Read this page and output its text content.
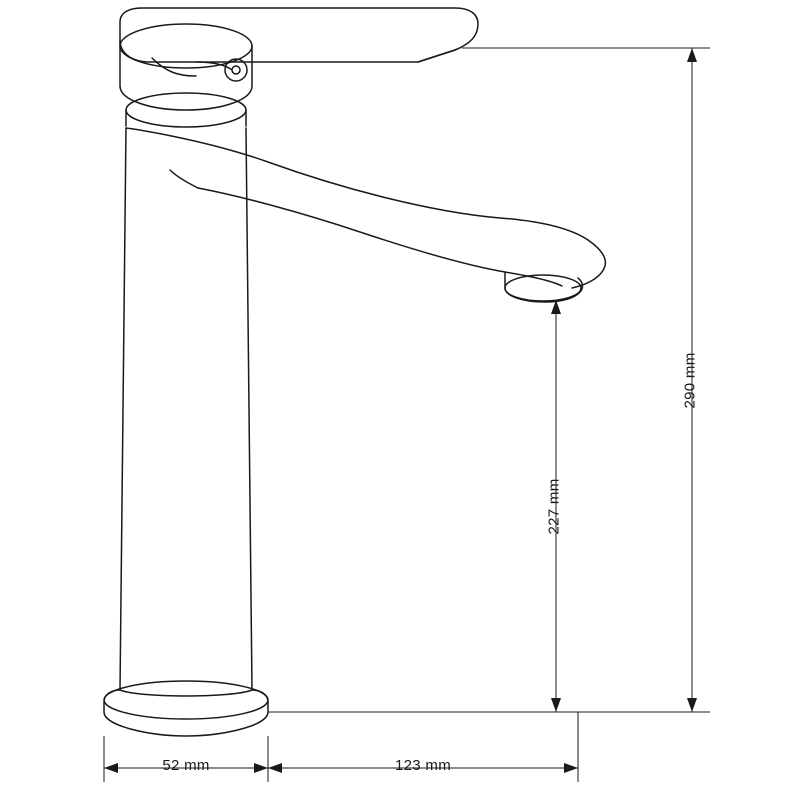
290 mm
227 mm
52 mm	123 mm
